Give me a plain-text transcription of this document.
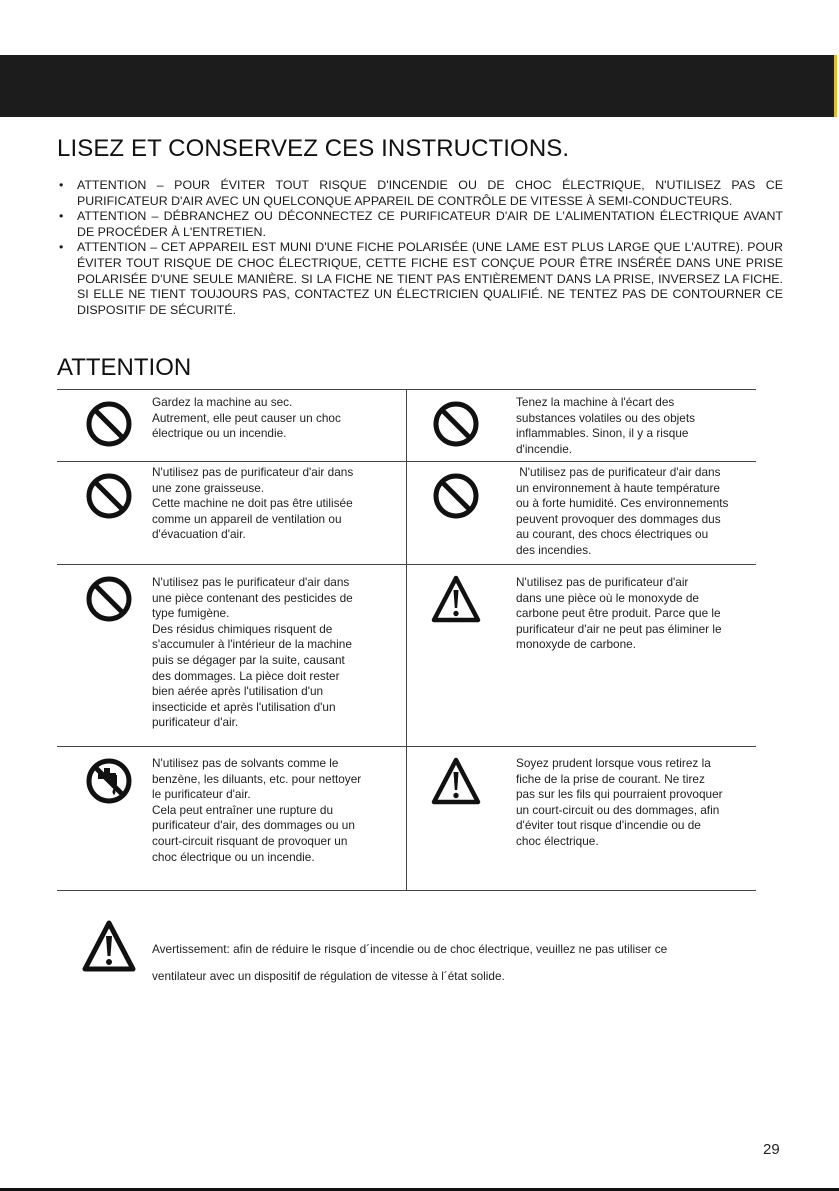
LISEZ ET CONSERVEZ CES INSTRUCTIONS.
• ATTENTION – POUR ÉVITER TOUT RISQUE D'INCENDIE OU DE CHOC ÉLECTRIQUE, N'UTILISEZ PAS CE PURIFICATEUR D'AIR AVEC UN QUELCONQUE APPAREIL DE CONTRÔLE DE VITESSE À SEMI-CONDUCTEURS.
• ATTENTION – DÉBRANCHEZ OU DÉCONNECTEZ CE PURIFICATEUR D'AIR DE L'ALIMENTATION ÉLECTRIQUE AVANT DE PROCÉDER À L'ENTRETIEN.
• ATTENTION – CET APPAREIL EST MUNI D'UNE FICHE POLARISÉE (UNE LAME EST PLUS LARGE QUE L'AUTRE). POUR ÉVITER TOUT RISQUE DE CHOC ÉLECTRIQUE, CETTE FICHE EST CONÇUE POUR ÊTRE INSÉRÉE DANS UNE PRISE POLARISÉE D'UNE SEULE MANIÈRE. SI LA FICHE NE TIENT PAS ENTIÈREMENT DANS LA PRISE, INVERSEZ LA FICHE. SI ELLE NE TIENT TOUJOURS PAS, CONTACTEZ UN ÉLECTRICIEN QUALIFIÉ. NE TENTEZ PAS DE CONTOURNER CE DISPOSITIF DE SÉCURITÉ.
ATTENTION

Gardez la machine au sec.

Autrement, elle peut causer un choc

électrique ou un incendie.

Tenez la machine à l'écart des

substances volatiles ou des objets

inflammables. Sinon, il y a risque

d'incendie.

N'utilisez pas de purificateur d'air dans

une zone graisseuse.

Cette machine ne doit pas être utilisée

comme un appareil de ventilation ou

d'évacuation d'air.

N'utilisez pas de purificateur d'air dans

un environnement à haute température

ou à forte humidité. Ces environnements

peuvent provoquer des dommages dus

au courant, des chocs électriques ou

des incendies.

N'utilisez pas le purificateur d'air dans

une pièce contenant des pesticides de

type fumigène.

Des résidus chimiques risquent de

s'accumuler à l'intérieur de la machine

puis se dégager par la suite, causant

des dommages. La pièce doit rester

bien aérée après l'utilisation d'un

insecticide et après l'utilisation d'un

purificateur d'air.

N'utilisez pas de purificateur d'air

dans une pièce où le monoxyde de

carbone peut être produit. Parce que le

purificateur d'air ne peut pas éliminer le

monoxyde de carbone.

N'utilisez pas de solvants comme le

benzène, les diluants, etc. pour nettoyer

le purificateur d'air.

Cela peut entraîner une rupture du

purificateur d'air, des dommages ou un

court-circuit risquant de provoquer un

choc électrique ou un incendie.

Soyez prudent lorsque vous retirez la

fiche de la prise de courant. Ne tirez

pas sur les fils qui pourraient provoquer

un court-circuit ou des dommages, afin

d'éviter tout risque d'incendie ou de

choc électrique.

Avertissement: afin de réduire le risque d´incendie ou de choc électrique, veuillez ne pas utiliser ce

ventilateur avec un dispositif de régulation de vitesse à l´état solide.

29
